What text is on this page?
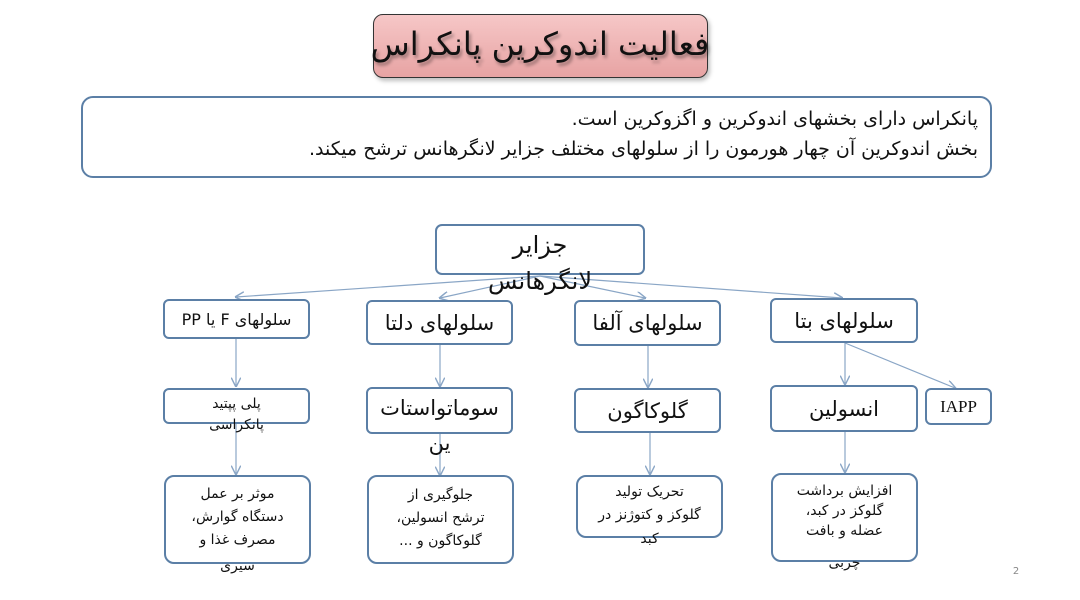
فعالیت اندوکرین پانکراس
پانکراس دارای بخشهای اندوکرین و اگزوکرین است.
بخش اندوکرین آن چهار هورمون را از سلولهای مختلف جزایر لانگرهانس ترشح میکند.
جزایر
لانگرهانس
سلولهای بتا
سلولهای آلفا
سلولهای دلتا
سلولهای F یا PP
IAPP
انسولین
گلوکاگون
سوماتواستات
ین
پلی پپتید
پانکراسی
افزایش برداشت
گلوکز در کبد،
عضله و بافت
چربی
تحریک تولید
گلوکز و کتوژنز در
کبد
جلوگیری از
ترشح انسولین،
گلوکاگون و ...
موثر بر عمل
دستگاه گوارش،
مصرف غذا و
سیری	2
